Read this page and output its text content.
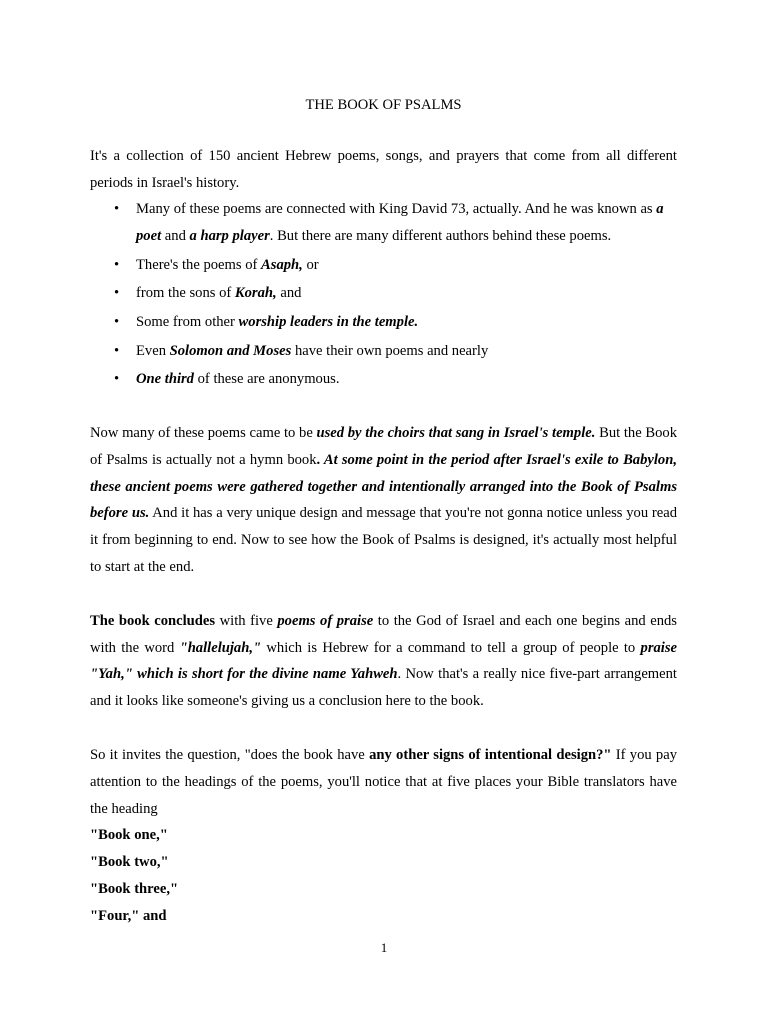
THE BOOK OF PSALMS

It's a collection of 150 ancient Hebrew poems, songs, and prayers that come from all different periods in Israel's history.

• Many of these poems are connected with King David 73, actually. And he was known as a poet and a harp player. But there are many different authors behind these poems.
• There's the poems of Asaph, or
• from the sons of Korah, and
• Some from other worship leaders in the temple.
• Even Solomon and Moses have their own poems and nearly
• One third of these are anonymous.

Now many of these poems came to be used by the choirs that sang in Israel's temple. But the Book of Psalms is actually not a hymn book. At some point in the period after Israel's exile to Babylon, these ancient poems were gathered together and intentionally arranged into the Book of Psalms before us. And it has a very unique design and message that you're not gonna notice unless you read it from beginning to end. Now to see how the Book of Psalms is designed, it's actually most helpful to start at the end.

The book concludes with five poems of praise to the God of Israel and each one begins and ends with the word "hallelujah," which is Hebrew for a command to tell a group of people to praise "Yah," which is short for the divine name Yahweh. Now that's a really nice five-part arrangement and it looks like someone's giving us a conclusion here to the book.

So it invites the question, "does the book have any other signs of intentional design?" If you pay attention to the headings of the poems, you'll notice that at five places your Bible translators have the heading

"Book one,"
"Book two,"
"Book three,"
"Four," and
1
